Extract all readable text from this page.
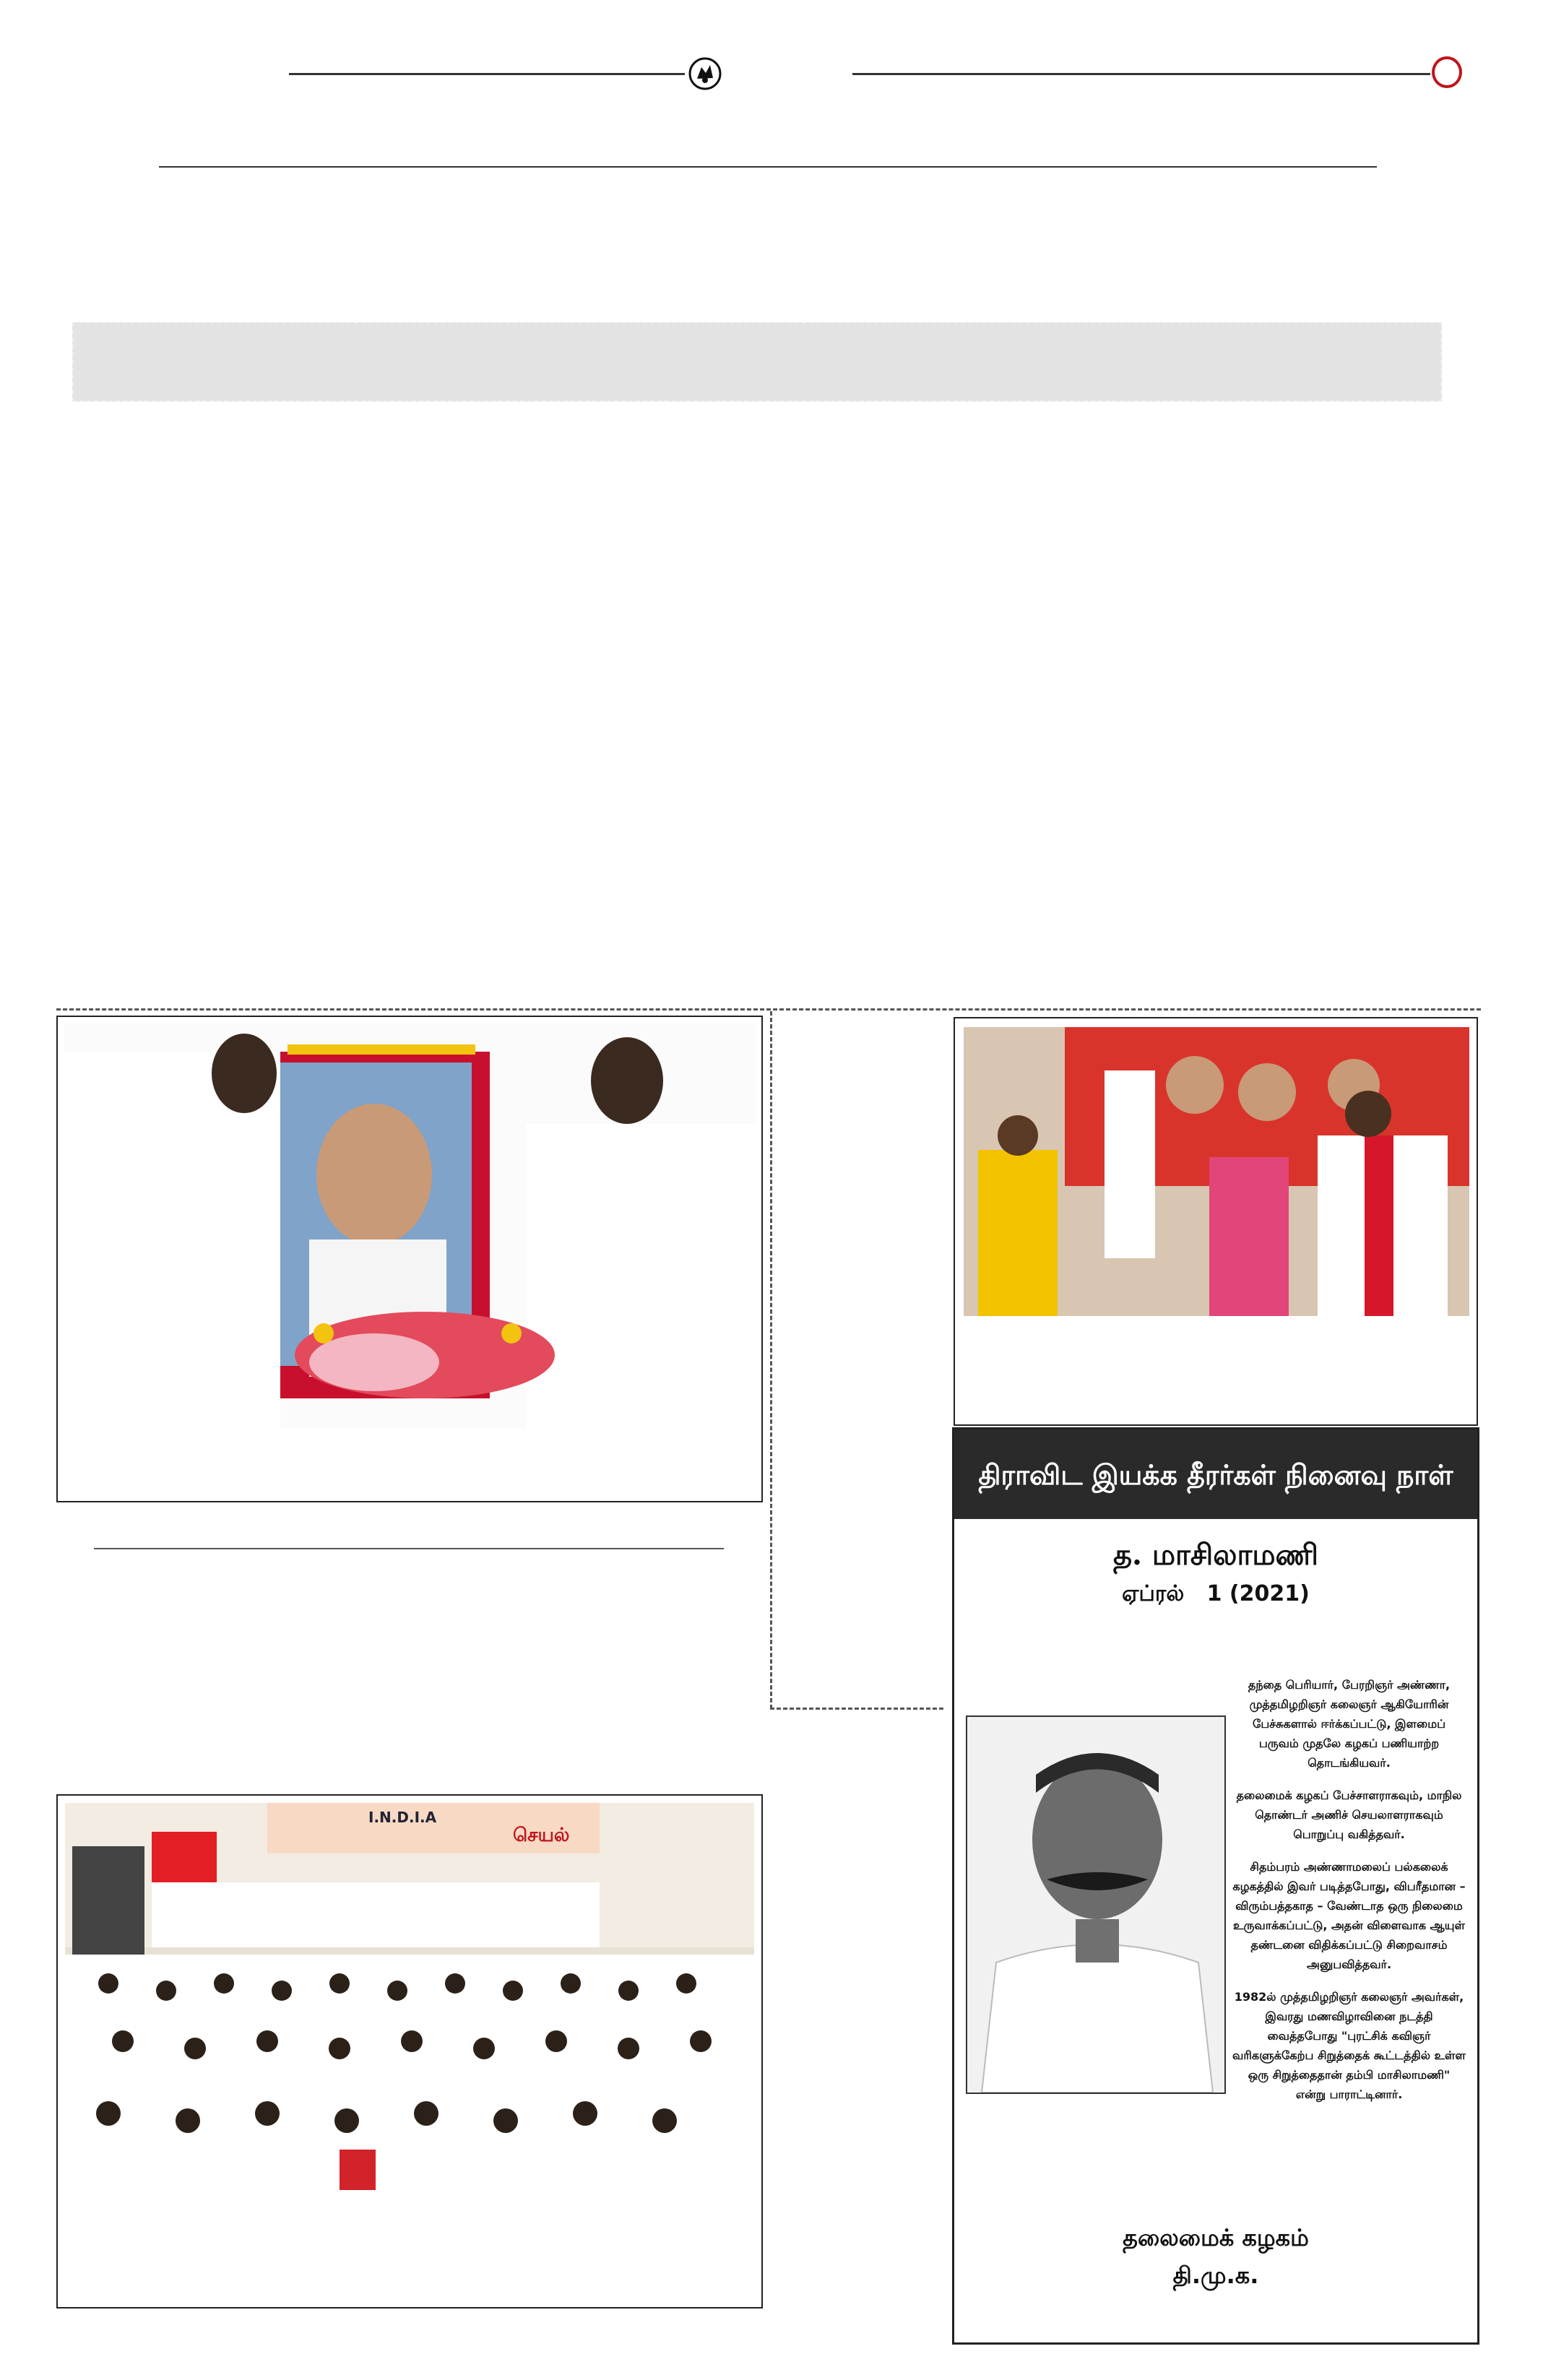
I.N.D.I.A
செயல்
திராவிட இயக்க தீரர்கள் நினைவு நாள்
த. மாசிலாமணி
ஏப்ரல்   1 (2021)

தந்தை பெரியார், பேரறிஞர் அண்ணா, முத்தமிழறிஞர் கலைஞர் ஆகியோரின் பேச்சுகளால் ஈர்க்கப்பட்டு, இளமைப் பருவம் முதலே கழகப் பணியாற்ற தொடங்கியவர்.

தலைமைக் கழகப் பேச்சாளராகவும், மாநில தொண்டர் அணிச் செயலாளராகவும் பொறுப்பு வகித்தவர்.

சிதம்பரம் அண்ணாமலைப் பல்கலைக் கழகத்தில் இவர் படித்தபோது, விபரீதமான – விரும்பத்தகாத – வேண்டாத ஒரு நிலைமை உருவாக்கப்பட்டு, அதன் விளைவாக ஆயுள் தண்டனை விதிக்கப்பட்டு சிறைவாசம் அனுபவித்தவர்.

1982ல் முத்தமிழறிஞர் கலைஞர் அவர்கள், இவரது மணவிழாவினை நடத்தி வைத்தபோது "புரட்சிக் கவிஞர் வரிகளுக்கேற்ப சிறுத்தைக் கூட்டத்தில் உள்ள ஒரு சிறுத்தைதான் தம்பி மாசிலாமணி" என்று பாராட்டினார்.

தலைமைக் கழகம்
தி.மு.க.
